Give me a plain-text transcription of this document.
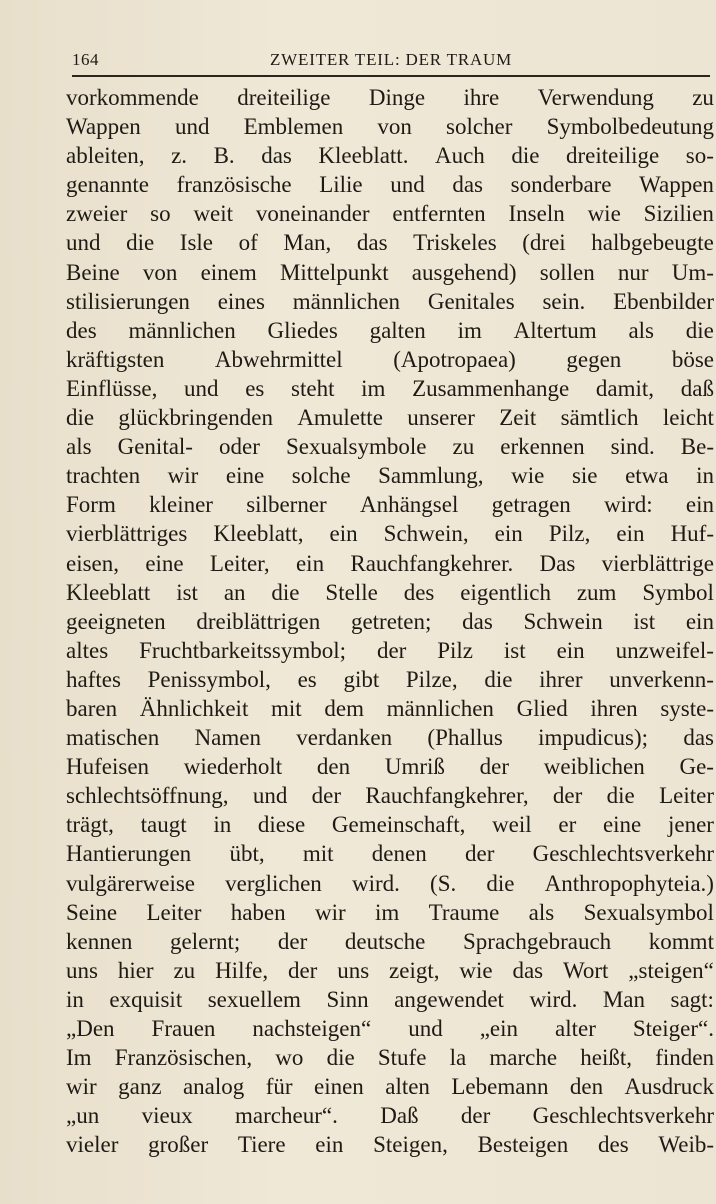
164	ZWEITER TEIL: DER TRAUM
vorkommende dreiteilige Dinge ihre Verwendung zu
Wappen und Emblemen von solcher Symbolbedeutung
ableiten, z. B. das Kleeblatt. Auch die dreiteilige so-
genannte französische Lilie und das sonderbare Wappen
zweier so weit voneinander entfernten Inseln wie Sizilien
und die Isle of Man, das Triskeles (drei halbgebeugte
Beine von einem Mittelpunkt ausgehend) sollen nur Um-
stilisierungen eines männlichen Genitales sein. Ebenbilder
des männlichen Gliedes galten im Altertum als die
kräftigsten Abwehrmittel (Apotropaea) gegen böse
Einflüsse, und es steht im Zusammenhange damit, daß
die glückbringenden Amulette unserer Zeit sämtlich leicht
als Genital- oder Sexualsymbole zu erkennen sind. Be-
trachten wir eine solche Sammlung, wie sie etwa in
Form kleiner silberner Anhängsel getragen wird: ein
vierblättriges Kleeblatt, ein Schwein, ein Pilz, ein Huf-
eisen, eine Leiter, ein Rauchfangkehrer. Das vierblättrige
Kleeblatt ist an die Stelle des eigentlich zum Symbol
geeigneten dreiblättrigen getreten; das Schwein ist ein
altes Fruchtbarkeitssymbol; der Pilz ist ein unzweifel-
haftes Penissymbol, es gibt Pilze, die ihrer unverkenn-
baren Ähnlichkeit mit dem männlichen Glied ihren syste-
matischen Namen verdanken (Phallus impudicus); das
Hufeisen wiederholt den Umriß der weiblichen Ge-
schlechtsöffnung, und der Rauchfangkehrer, der die Leiter
trägt, taugt in diese Gemeinschaft, weil er eine jener
Hantierungen übt, mit denen der Geschlechtsverkehr
vulgärerweise verglichen wird. (S. die Anthropophyteia.)
Seine Leiter haben wir im Traume als Sexualsymbol
kennen gelernt; der deutsche Sprachgebrauch kommt
uns hier zu Hilfe, der uns zeigt, wie das Wort „steigen“
in exquisit sexuellem Sinn angewendet wird. Man sagt:
„Den Frauen nachsteigen“ und „ein alter Steiger“.
Im Französischen, wo die Stufe la marche heißt, finden
wir ganz analog für einen alten Lebemann den Ausdruck
„un vieux marcheur“. Daß der Geschlechtsverkehr
vieler großer Tiere ein Steigen, Besteigen des Weib-
